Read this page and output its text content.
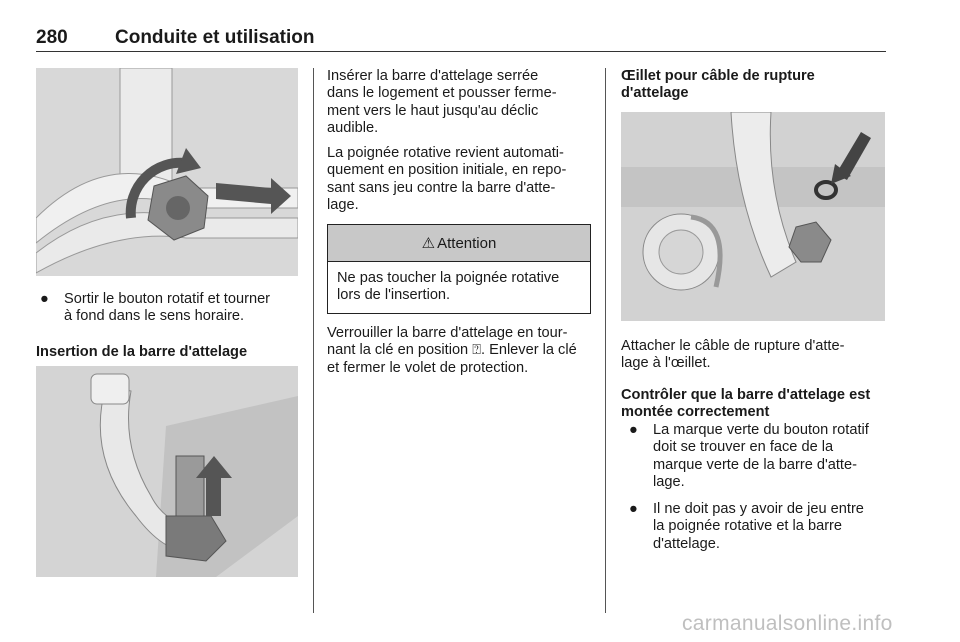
280 Conduite et utilisation
● Sortir le bouton rotatif et tourner
à fond dans le sens horaire.
Insertion de la barre d'attelage
Insérer la barre d'attelage serrée
dans le logement et pousser ferme-
ment vers le haut jusqu'au déclic
audible.
La poignée rotative revient automati-
quement en position initiale, en repo-
sant sans jeu contre la barre d'atte-
lage.
⚠ Attention
Ne pas toucher la poignée rotative
lors de l'insertion.
Verrouiller la barre d'attelage en tour-
nant la clé en position ⍰. Enlever la clé
et fermer le volet de protection.
Œillet pour câble de rupture
d'attelage
Attacher le câble de rupture d'atte-
lage à l'œillet.
Contrôler que la barre d'attelage est
montée correctement
● La marque verte du bouton rotatif
doit se trouver en face de la
marque verte de la barre d'atte-
lage.
● Il ne doit pas y avoir de jeu entre
la poignée rotative et la barre
d'attelage.
carmanualsonline.info
